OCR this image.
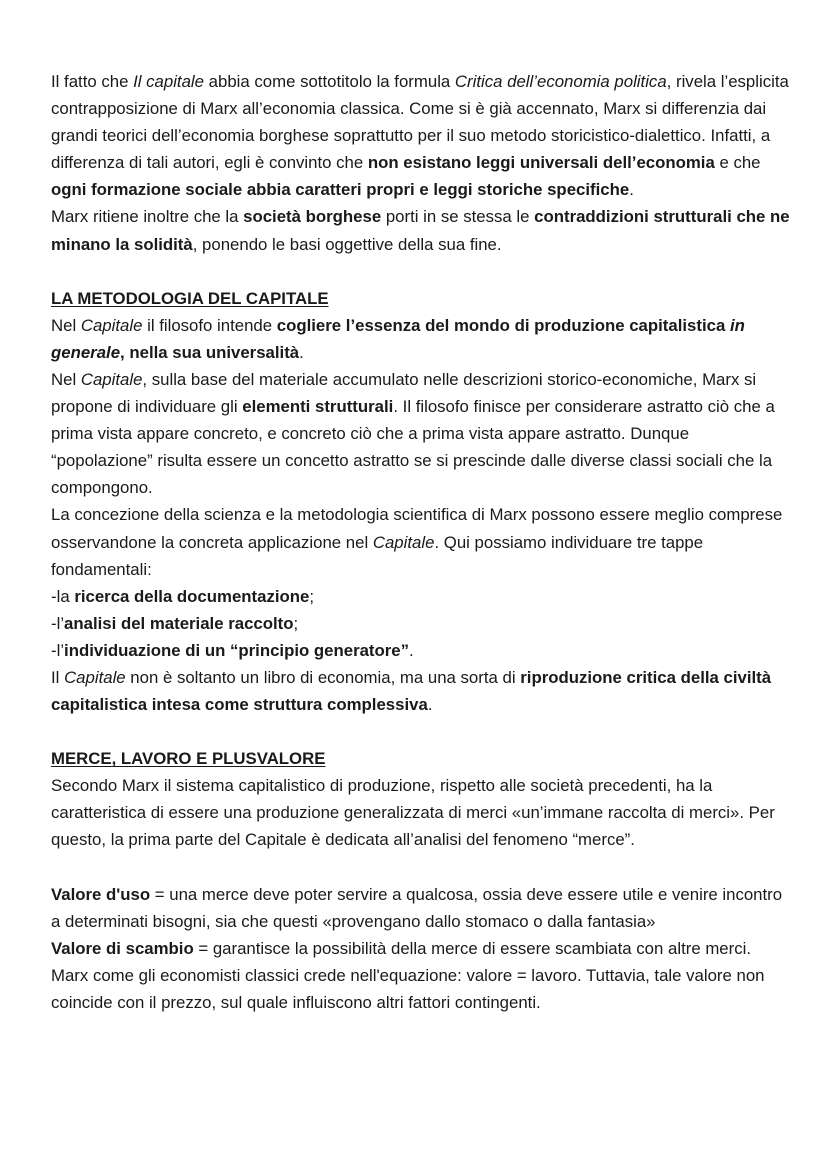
Il fatto che Il capitale abbia come sottotitolo la formula Critica dell’economia politica, rivela l’esplicita contrapposizione di Marx all’economia classica. Come si è già accennato, Marx si differenzia dai grandi teorici dell’economia borghese soprattutto per il suo metodo storicistico-dialettico. Infatti, a differenza di tali autori, egli è convinto che non esistano leggi universali dell’economia e che ogni formazione sociale abbia caratteri propri e leggi storiche specifiche.

Marx ritiene inoltre che la società borghese porti in se stessa le contraddizioni strutturali che ne minano la solidità, ponendo le basi oggettive della sua fine.

LA METODOLOGIA DEL CAPITALE

Nel Capitale il filosofo intende cogliere l’essenza del mondo di produzione capitalistica in generale, nella sua universalità.

Nel Capitale, sulla base del materiale accumulato nelle descrizioni storico-economiche, Marx si propone di individuare gli elementi strutturali. Il filosofo finisce per considerare astratto ciò che a prima vista appare concreto, e concreto ciò che a prima vista appare astratto. Dunque “popolazione” risulta essere un concetto astratto se si prescinde dalle diverse classi sociali che la compongono.

La concezione della scienza e la metodologia scientifica di Marx possono essere meglio comprese osservandone la concreta applicazione nel Capitale. Qui possiamo individuare tre tappe fondamentali:

-la ricerca della documentazione;

-l’analisi del materiale raccolto;

-l’individuazione di un “principio generatore”.

Il Capitale non è soltanto un libro di economia, ma una sorta di riproduzione critica della civiltà capitalistica intesa come struttura complessiva.

MERCE, LAVORO E PLUSVALORE

Secondo Marx il sistema capitalistico di produzione, rispetto alle società precedenti, ha la caratteristica di essere una produzione generalizzata di merci «un’immane raccolta di merci». Per questo, la prima parte del Capitale è dedicata all’analisi del fenomeno “merce”.

Valore d'uso = una merce deve poter servire a qualcosa, ossia deve essere utile e venire incontro a determinati bisogni, sia che questi «provengano dallo stomaco o dalla fantasia»

Valore di scambio = garantisce la possibilità della merce di essere scambiata con altre merci.

Marx come gli economisti classici crede nell'equazione: valore = lavoro. Tuttavia, tale valore non coincide con il prezzo, sul quale influiscono altri fattori contingenti.
